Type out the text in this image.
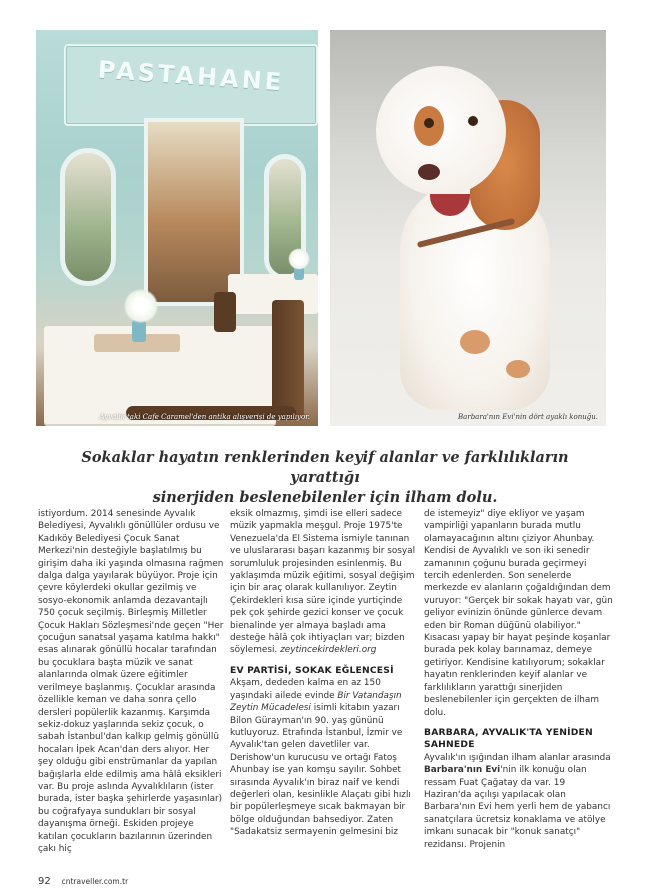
PASTAHANE
Ayvalık'taki Cafe Caramel'den antika alışverişi de yapılıyor.	Barbara'nın Evi'nin dört ayaklı konuğu.
Sokaklar hayatın renklerinden keyif alanlar ve farklılıkların yarattığı
sinerjiden beslenebilenler için ilham dolu.

istiyordum. 2014 senesinde Ayvalık Belediyesi, Ayvalıklı gönüllüler ordusu ve Kadıköy Belediyesi Çocuk Sanat Merkezi'nin desteğiyle başlatılmış bu girişim daha iki yaşında olmasına rağmen dalga dalga yayılarak büyüyor. Proje için çevre köylerdeki okullar gezilmiş ve sosyo-ekonomik anlamda dezavantajlı 750 çocuk seçilmiş. Birleşmiş Milletler Çocuk Hakları Sözleşmesi'nde geçen "Her çocuğun sanatsal yaşama katılma hakkı" esas alınarak gönüllü hocalar tarafından bu çocuklara başta müzik ve sanat alanlarında olmak üzere eğitimler verilmeye başlanmış. Çocuklar arasında özellikle keman ve daha sonra çello dersleri popülerlik kazanmış. Karşımda sekiz-dokuz yaşlarında sekiz çocuk, o sabah İstanbul'dan kalkıp gelmiş gönüllü hocaları İpek Acan'dan ders alıyor. Her şey olduğu gibi enstrümanlar da yapılan bağışlarla elde edilmiş ama hâlâ eksikleri var. Bu proje aslında Ayvalıklıların (ister burada, ister başka şehirlerde yaşasınlar) bu coğrafyaya sundukları bir sosyal dayanışma örneği. Eskiden projeye katılan çocukların bazılarının üzerinden çakı hiç

eksik olmazmış, şimdi ise elleri sadece müzik yapmakla meşgul. Proje 1975'te Venezuela'da El Sistema ismiyle tanınan ve uluslararası başarı kazanmış bir sosyal sorumluluk projesinden esinlenmiş. Bu yaklaşımda müzik eğitimi, sosyal değişim için bir araç olarak kullanılıyor. Zeytin Çekirdekleri kısa süre içinde yurtiçinde pek çok şehirde gezici konser ve çocuk bienalinde yer almaya başladı ama desteğe hâlâ çok ihtiyaçları var; bizden söylemesi. zeytincekirdekleri.org

EV PARTİSİ, SOKAK EĞLENCESİ

Akşam, dededen kalma en az 150 yaşındaki ailede evinde Bir Vatandaşın Zeytin Mücadelesi isimli kitabın yazarı Bilon Gürayman'ın 90. yaş gününü kutluyoruz. Etrafında İstanbul, İzmir ve Ayvalık'tan gelen davetliler var. Derishow'un kurucusu ve ortağı Fatoş Ahunbay ise yan komşu sayılır. Sohbet sırasında Ayvalık'ın biraz naif ve kendi değerleri olan, kesinlikle Alaçatı gibi hızlı bir popülerleşmeye sıcak bakmayan bir bölge olduğundan bahsediyor. Zaten "Sadakatsiz sermayenin gelmesini biz

de istemeyiz" diye ekliyor ve yaşam vampirliği yapanların burada mutlu olamayacağının altını çiziyor Ahunbay. Kendisi de Ayvalıklı ve son iki senedir zamanının çoğunu burada geçirmeyi tercih edenlerden. Son senelerde merkezde ev alanların çoğaldığından dem vuruyor: "Gerçek bir sokak hayatı var, gün geliyor evinizin önünde günlerce devam eden bir Roman düğünü olabiliyor." Kısacası yapay bir hayat peşinde koşanlar burada pek kolay barınamaz, demeye getiriyor. Kendisine katılıyorum; sokaklar hayatın renklerinden keyif alanlar ve farklılıkların yarattığı sinerjiden beslenebilenler için gerçekten de ilham dolu.

BARBARA, AYVALIK'TA YENİDEN SAHNEDE

Ayvalık'ın ışığından ilham alanlar arasında Barbara'nın Evi'nin ilk konuğu olan ressam Fuat Çağatay da var. 19 Haziran'da açılışı yapılacak olan Barbara'nın Evi hem yerli hem de yabancı sanatçılara ücretsiz konaklama ve atölye imkanı sunacak bir "konuk sanatçı" rezidansı. Projenin

92 cntraveller.com.tr
